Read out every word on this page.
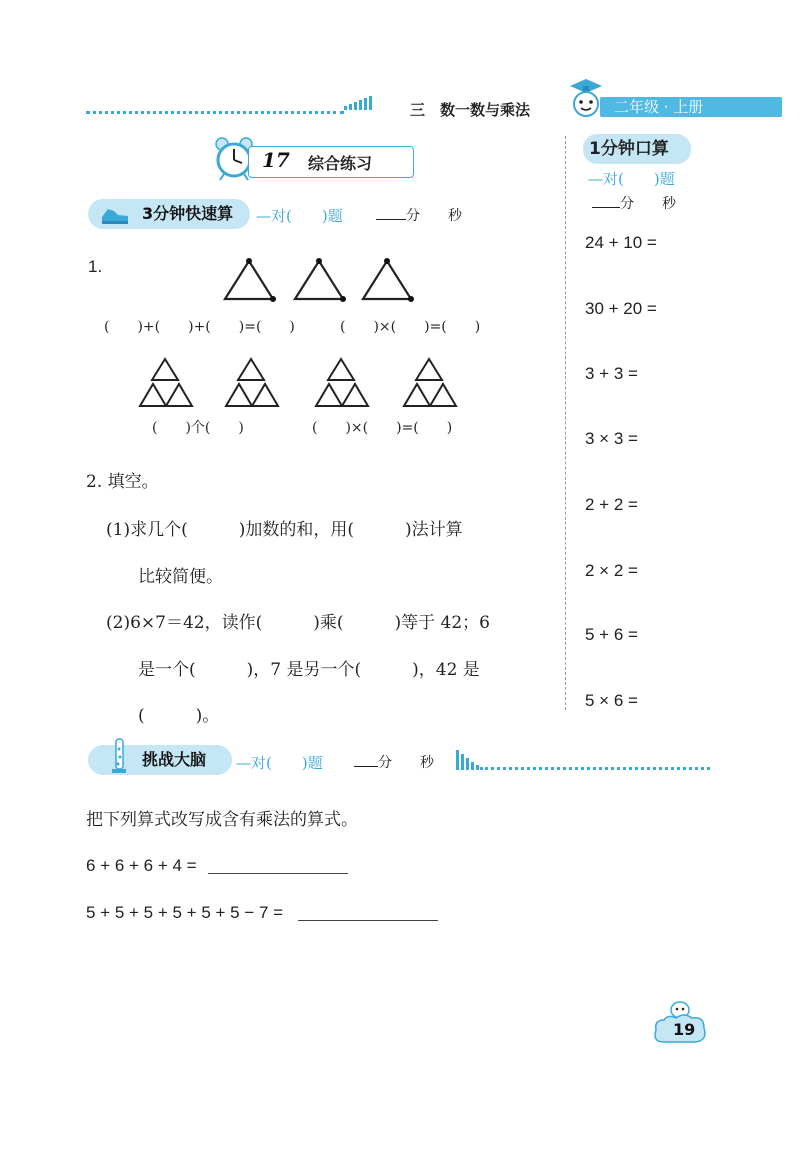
三　数一数与乘法	二年级 · 上册
17 综合练习
3分钟快速算 —对(　　)题	分　　秒
1.
(　　)+(　　)+(　　)=(　　)	(　　)×(　　)=(　　)
(　　)个(　　)	(　　)×(　　)=(　　)
2. 填空。
(1)求几个(　　　)加数的和，用(　　　)法计算
比较简便。
(2)6×7＝42，读作(　　　)乘(　　　)等于 42；6
是一个(　　　)，7 是另一个(　　　)，42 是
(　　　)。
1分钟口算
—对(　　)题
分　　秒
24 + 10 =
30 + 20 =
3 + 3 =
3 × 3 =
2 + 2 =
2 × 2 =
5 + 6 =
5 × 6 =
挑战大脑 —对(　　)题	分　　秒
把下列算式改写成含有乘法的算式。
6 + 6 + 6 + 4 =
5 + 5 + 5 + 5 + 5 + 5 − 7 =
19
